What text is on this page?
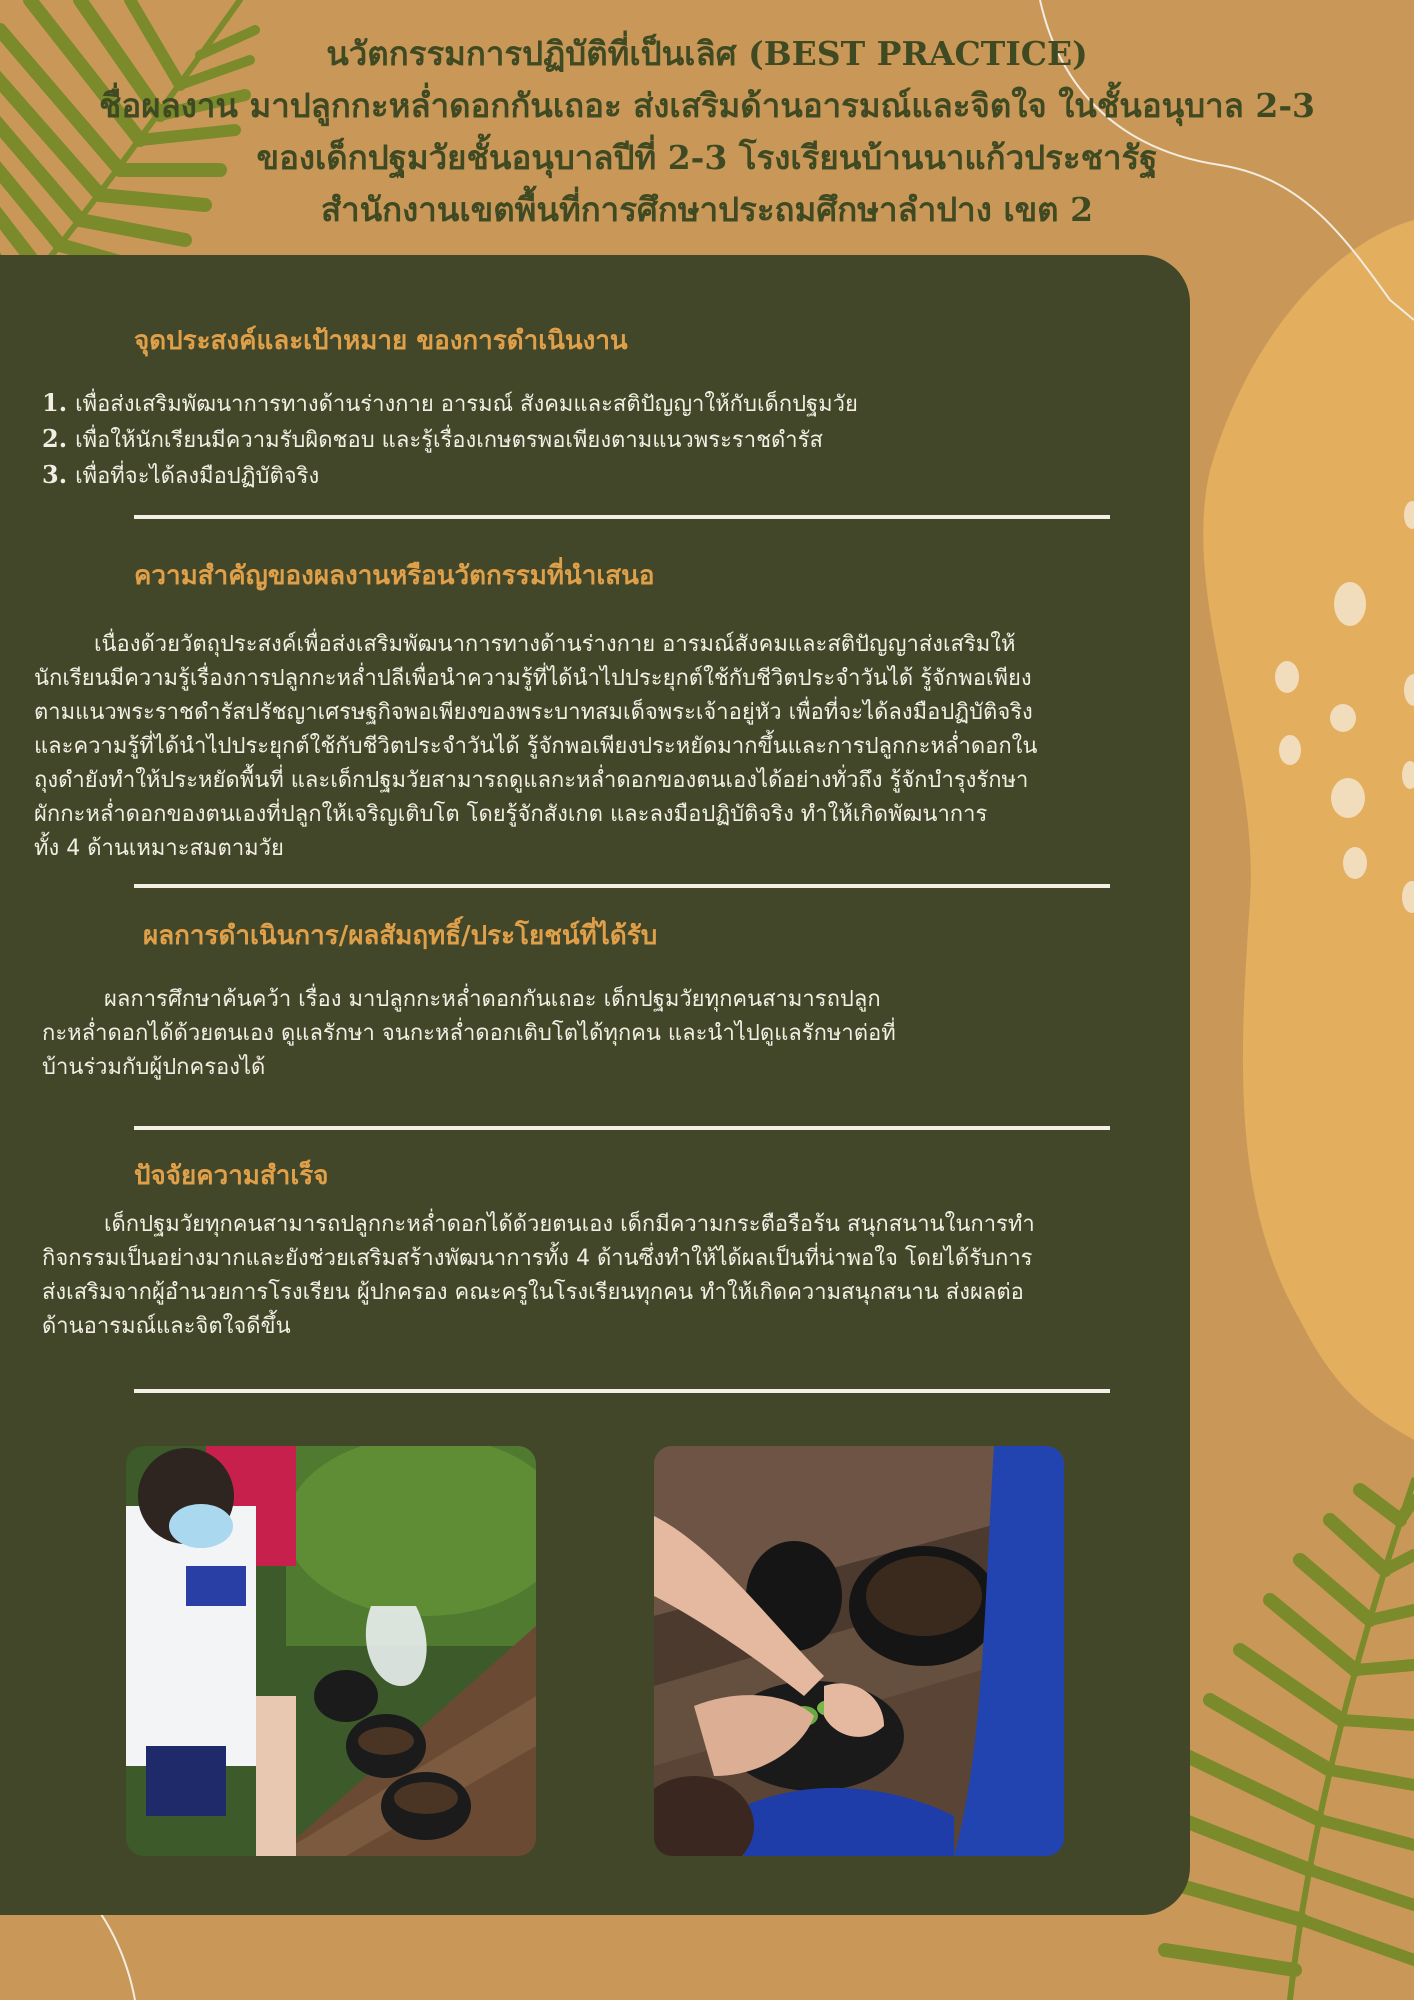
นวัตกรรมการปฏิบัติที่เป็นเลิศ (BEST PRACTICE)
ชื่อผลงาน มาปลูกกะหล่ำดอกกันเถอะ ส่งเสริมด้านอารมณ์และจิตใจ ในชั้นอนุบาล 2-3
ของเด็กปฐมวัยชั้นอนุบาลปีที่ 2-3 โรงเรียนบ้านนาแก้วประชารัฐ
สำนักงานเขตพื้นที่การศึกษาประถมศึกษาลำปาง เขต 2
จุดประสงค์และเป้าหมาย ของการดำเนินงาน
1. เพื่อส่งเสริมพัฒนาการทางด้านร่างกาย อารมณ์ สังคมและสติปัญญาให้กับเด็กปฐมวัย
2. เพื่อให้นักเรียนมีความรับผิดชอบ และรู้เรื่องเกษตรพอเพียงตามแนวพระราชดำรัส
3. เพื่อที่จะได้ลงมือปฏิบัติจริง
ความสำคัญของผลงานหรือนวัตกรรมที่นำเสนอ
เนื่องด้วยวัตถุประสงค์เพื่อส่งเสริมพัฒนาการทางด้านร่างกาย อารมณ์สังคมและสติปัญญาส่งเสริมให้
นักเรียนมีความรู้เรื่องการปลูกกะหล่ำปลีเพื่อนำความรู้ที่ได้นำไปประยุกต์ใช้กับชีวิตประจำวันได้ รู้จักพอเพียง
ตามแนวพระราชดำรัสปรัชญาเศรษฐกิจพอเพียงของพระบาทสมเด็จพระเจ้าอยู่หัว เพื่อที่จะได้ลงมือปฏิบัติจริง
และความรู้ที่ได้นำไปประยุกต์ใช้กับชีวิตประจำวันได้ รู้จักพอเพียงประหยัดมากขึ้นและการปลูกกะหล่ำดอกใน
ถุงดำยังทำให้ประหยัดพื้นที่ และเด็กปฐมวัยสามารถดูแลกะหล่ำดอกของตนเองได้อย่างทั่วถึง รู้จักบำรุงรักษา
ผักกะหล่ำดอกของตนเองที่ปลูกให้เจริญเติบโต โดยรู้จักสังเกต และลงมือปฏิบัติจริง ทำให้เกิดพัฒนาการ
ทั้ง 4 ด้านเหมาะสมตามวัย
ผลการดำเนินการ/ผลสัมฤทธิ์/ประโยชน์ที่ได้รับ
ผลการศึกษาค้นคว้า เรื่อง มาปลูกกะหล่ำดอกกันเถอะ เด็กปฐมวัยทุกคนสามารถปลูก
กะหล่ำดอกได้ด้วยตนเอง ดูแลรักษา จนกะหล่ำดอกเติบโตได้ทุกคน และนำไปดูแลรักษาต่อที่
บ้านร่วมกับผู้ปกครองได้
ปัจจัยความสำเร็จ
เด็กปฐมวัยทุกคนสามารถปลูกกะหล่ำดอกได้ด้วยตนเอง เด็กมีความกระตือรือร้น สนุกสนานในการทำ
กิจกรรมเป็นอย่างมากและยังช่วยเสริมสร้างพัฒนาการทั้ง 4 ด้านซึ่งทำให้ได้ผลเป็นที่น่าพอใจ โดยได้รับการ
ส่งเสริมจากผู้อำนวยการโรงเรียน ผู้ปกครอง คณะครูในโรงเรียนทุกคน ทำให้เกิดความสนุกสนาน ส่งผลต่อ
ด้านอารมณ์และจิตใจดีขึ้น
